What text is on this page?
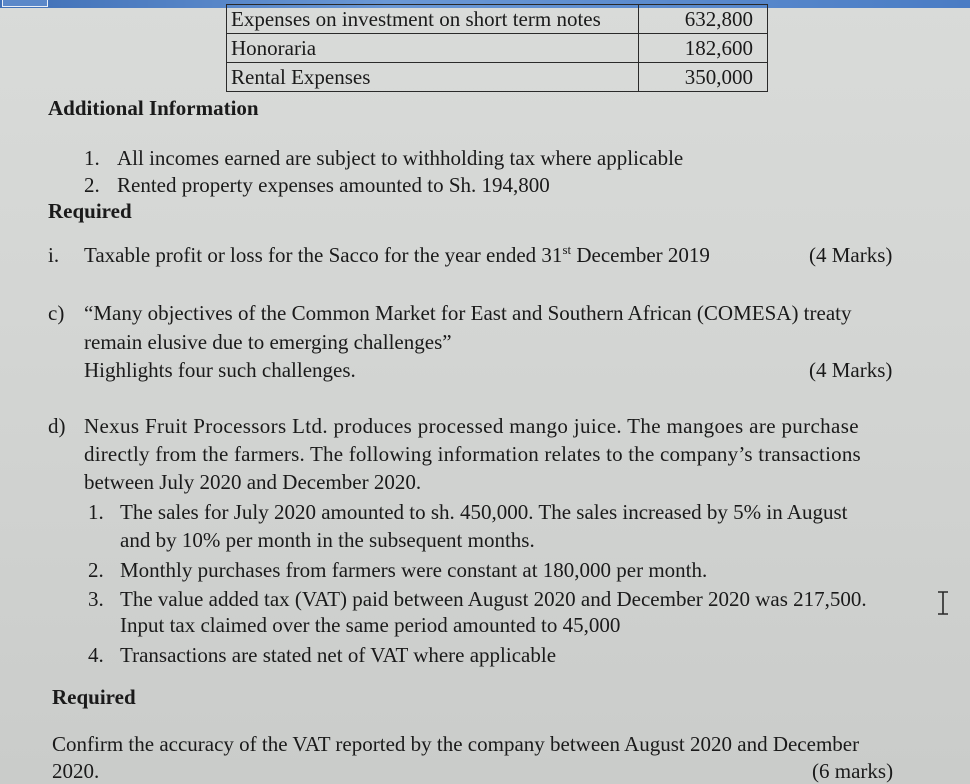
Expenses on investment on short term notes	632,800
Honoraria	182,600
Rental Expenses	350,000
Additional Information
1. All incomes earned are subject to withholding tax where applicable
2. Rented property expenses amounted to Sh. 194,800
Required
i. Taxable profit or loss for the Sacco for the year ended 31st December 2019	(4 Marks)
c) “Many objectives of the Common Market for East and Southern African (COMESA) treaty
remain elusive due to emerging challenges”
Highlights four such challenges.	(4 Marks)
d) Nexus Fruit Processors Ltd. produces processed mango juice. The mangoes are purchase
directly from the farmers. The following information relates to the company’s transactions
between July 2020 and December 2020.
1. The sales for July 2020 amounted to sh. 450,000. The sales increased by 5% in August
and by 10% per month in the subsequent months.
2. Monthly purchases from farmers were constant at 180,000 per month.
3. The value added tax (VAT) paid between August 2020 and December 2020 was 217,500.
Input tax claimed over the same period amounted to 45,000
4. Transactions are stated net of VAT where applicable
Required
Confirm the accuracy of the VAT reported by the company between August 2020 and December
2020.	(6 marks)
